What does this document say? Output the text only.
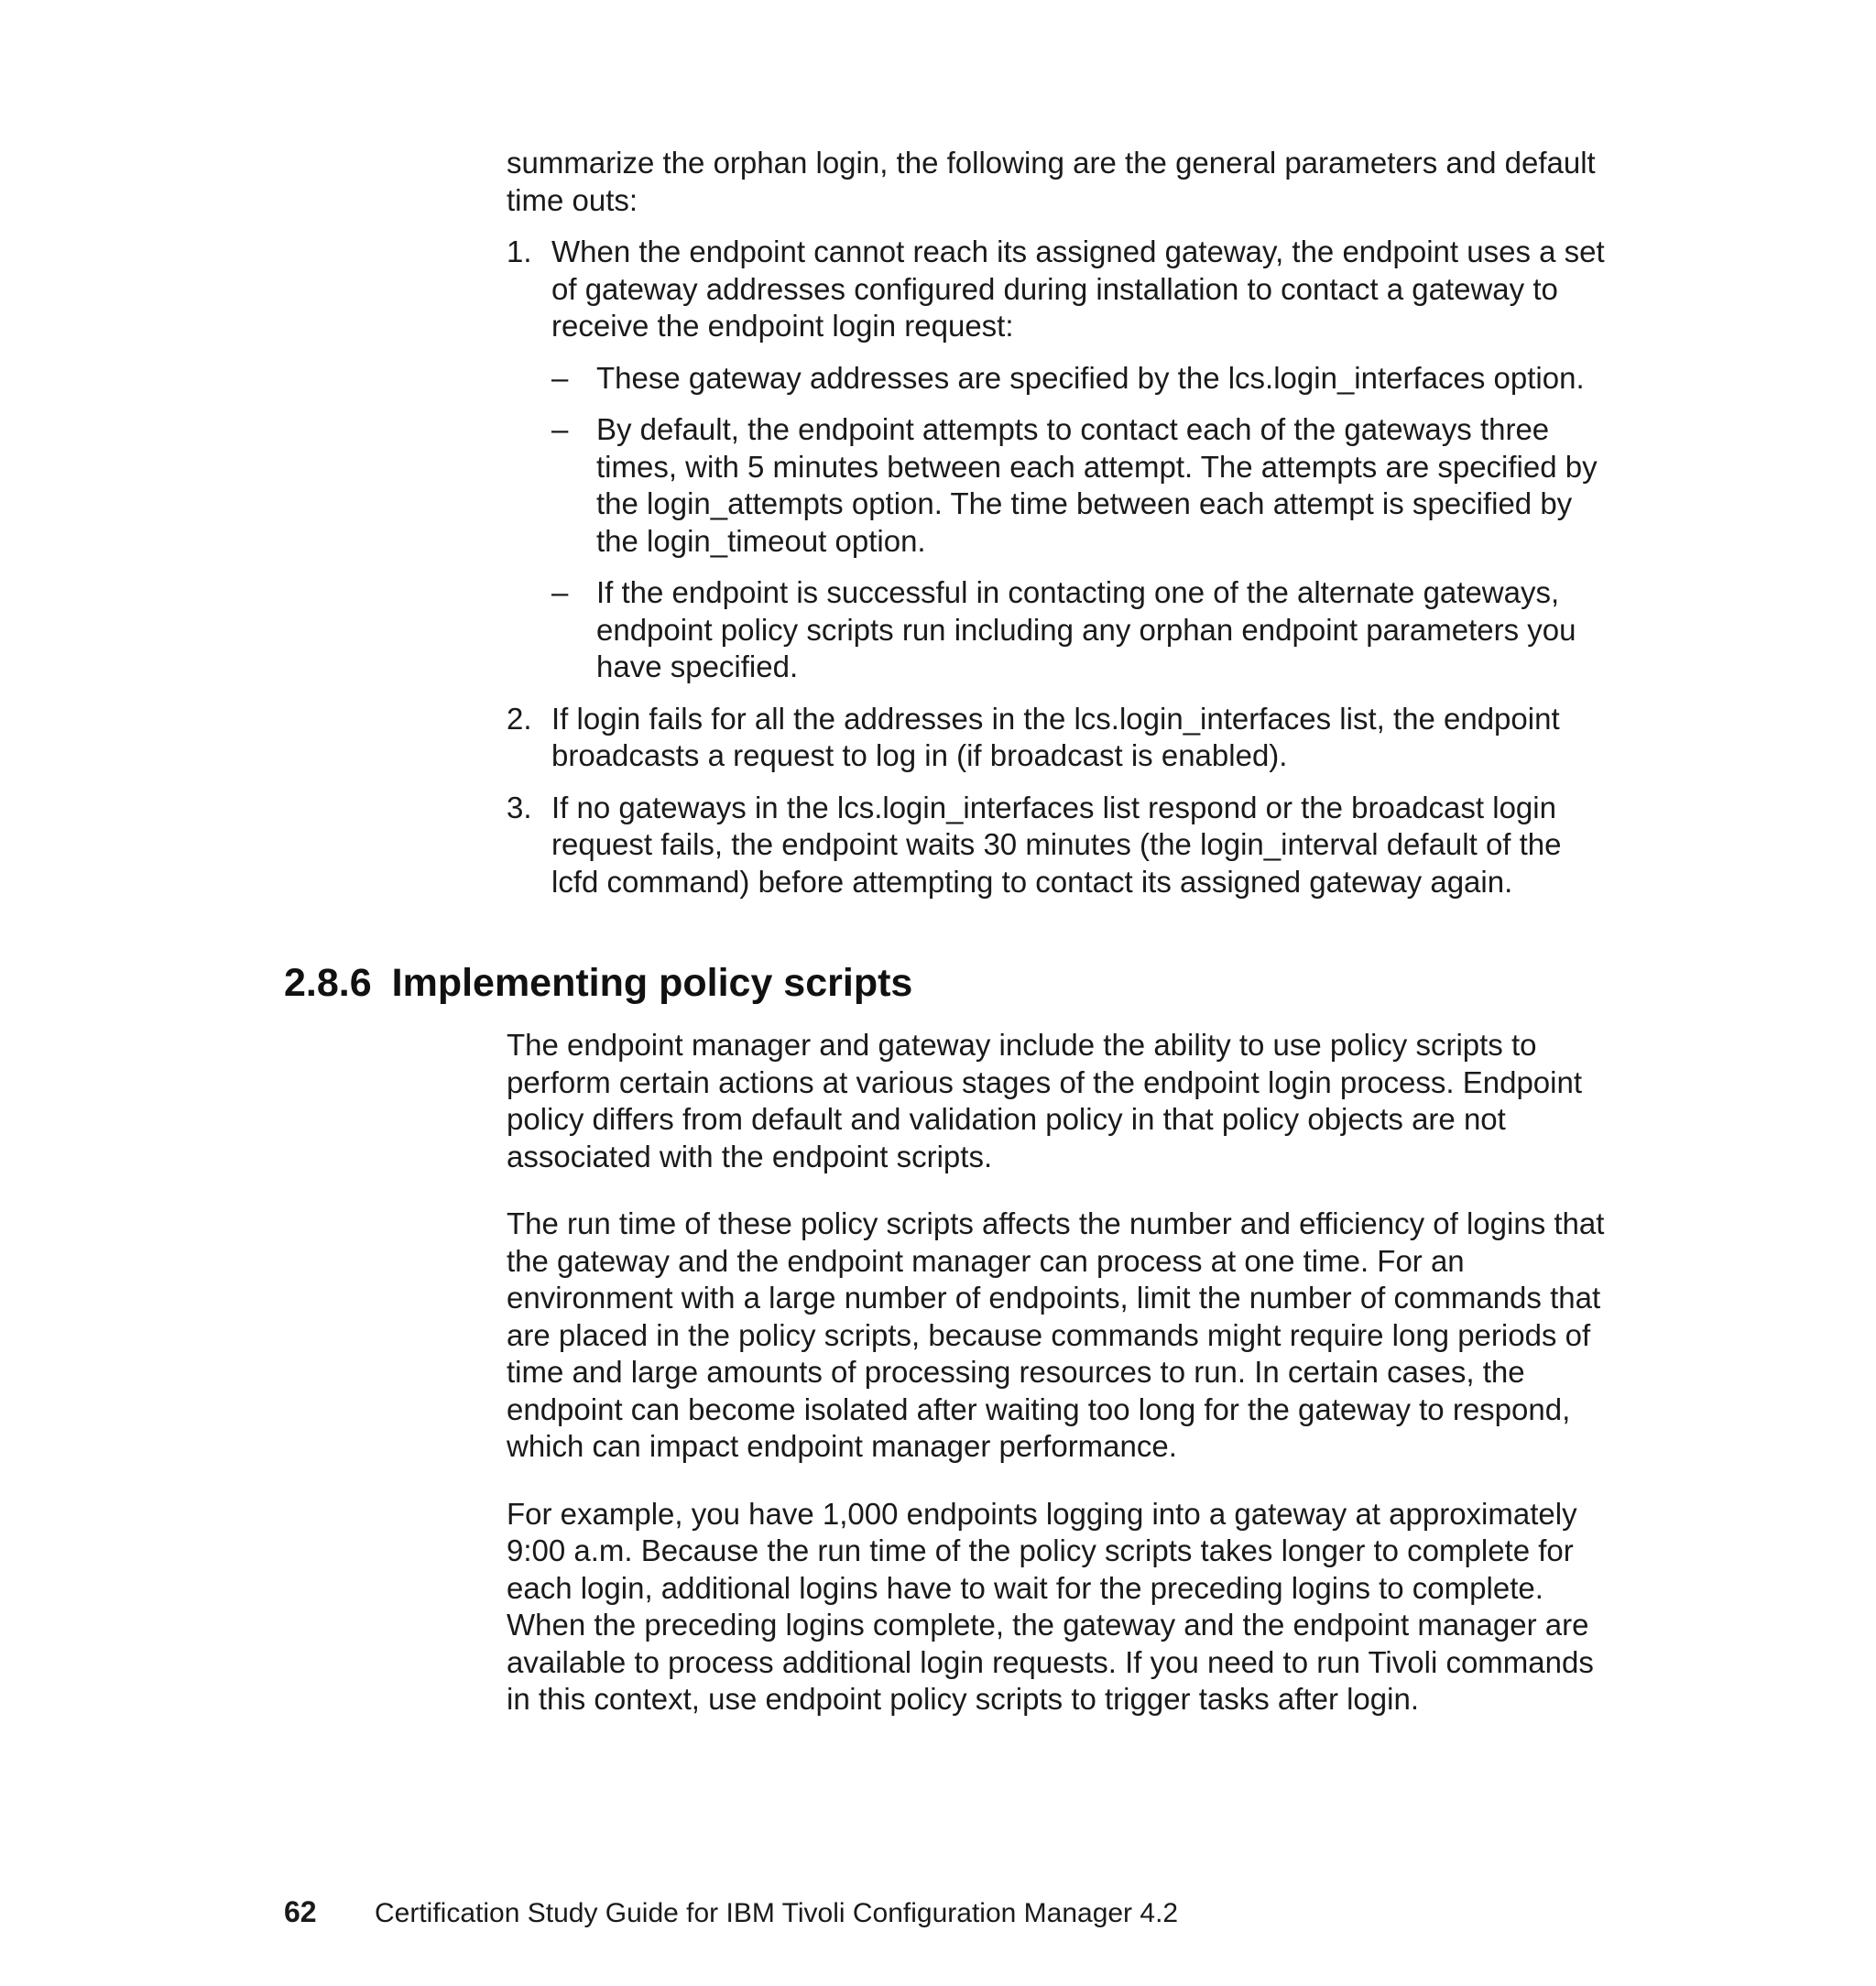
summarize the orphan login, the following are the general parameters and default time outs:

1. When the endpoint cannot reach its assigned gateway, the endpoint uses a set of gateway addresses configured during installation to contact a gateway to receive the endpoint login request:
– These gateway addresses are specified by the lcs.login_interfaces option.
– By default, the endpoint attempts to contact each of the gateways three times, with 5 minutes between each attempt. The attempts are specified by the login_attempts option. The time between each attempt is specified by the login_timeout option.
– If the endpoint is successful in contacting one of the alternate gateways, endpoint policy scripts run including any orphan endpoint parameters you have specified.
2. If login fails for all the addresses in the lcs.login_interfaces list, the endpoint broadcasts a request to log in (if broadcast is enabled).
3. If no gateways in the lcs.login_interfaces list respond or the broadcast login request fails, the endpoint waits 30 minutes (the login_interval default of the lcfd command) before attempting to contact its assigned gateway again.
2.8.6 Implementing policy scripts

The endpoint manager and gateway include the ability to use policy scripts to perform certain actions at various stages of the endpoint login process. Endpoint policy differs from default and validation policy in that policy objects are not associated with the endpoint scripts.

The run time of these policy scripts affects the number and efficiency of logins that the gateway and the endpoint manager can process at one time. For an environment with a large number of endpoints, limit the number of commands that are placed in the policy scripts, because commands might require long periods of time and large amounts of processing resources to run. In certain cases, the endpoint can become isolated after waiting too long for the gateway to respond, which can impact endpoint manager performance.

For example, you have 1,000 endpoints logging into a gateway at approximately 9:00 a.m. Because the run time of the policy scripts takes longer to complete for each login, additional logins have to wait for the preceding logins to complete. When the preceding logins complete, the gateway and the endpoint manager are available to process additional login requests. If you need to run Tivoli commands in this context, use endpoint policy scripts to trigger tasks after login.

62 Certification Study Guide for IBM Tivoli Configuration Manager 4.2
